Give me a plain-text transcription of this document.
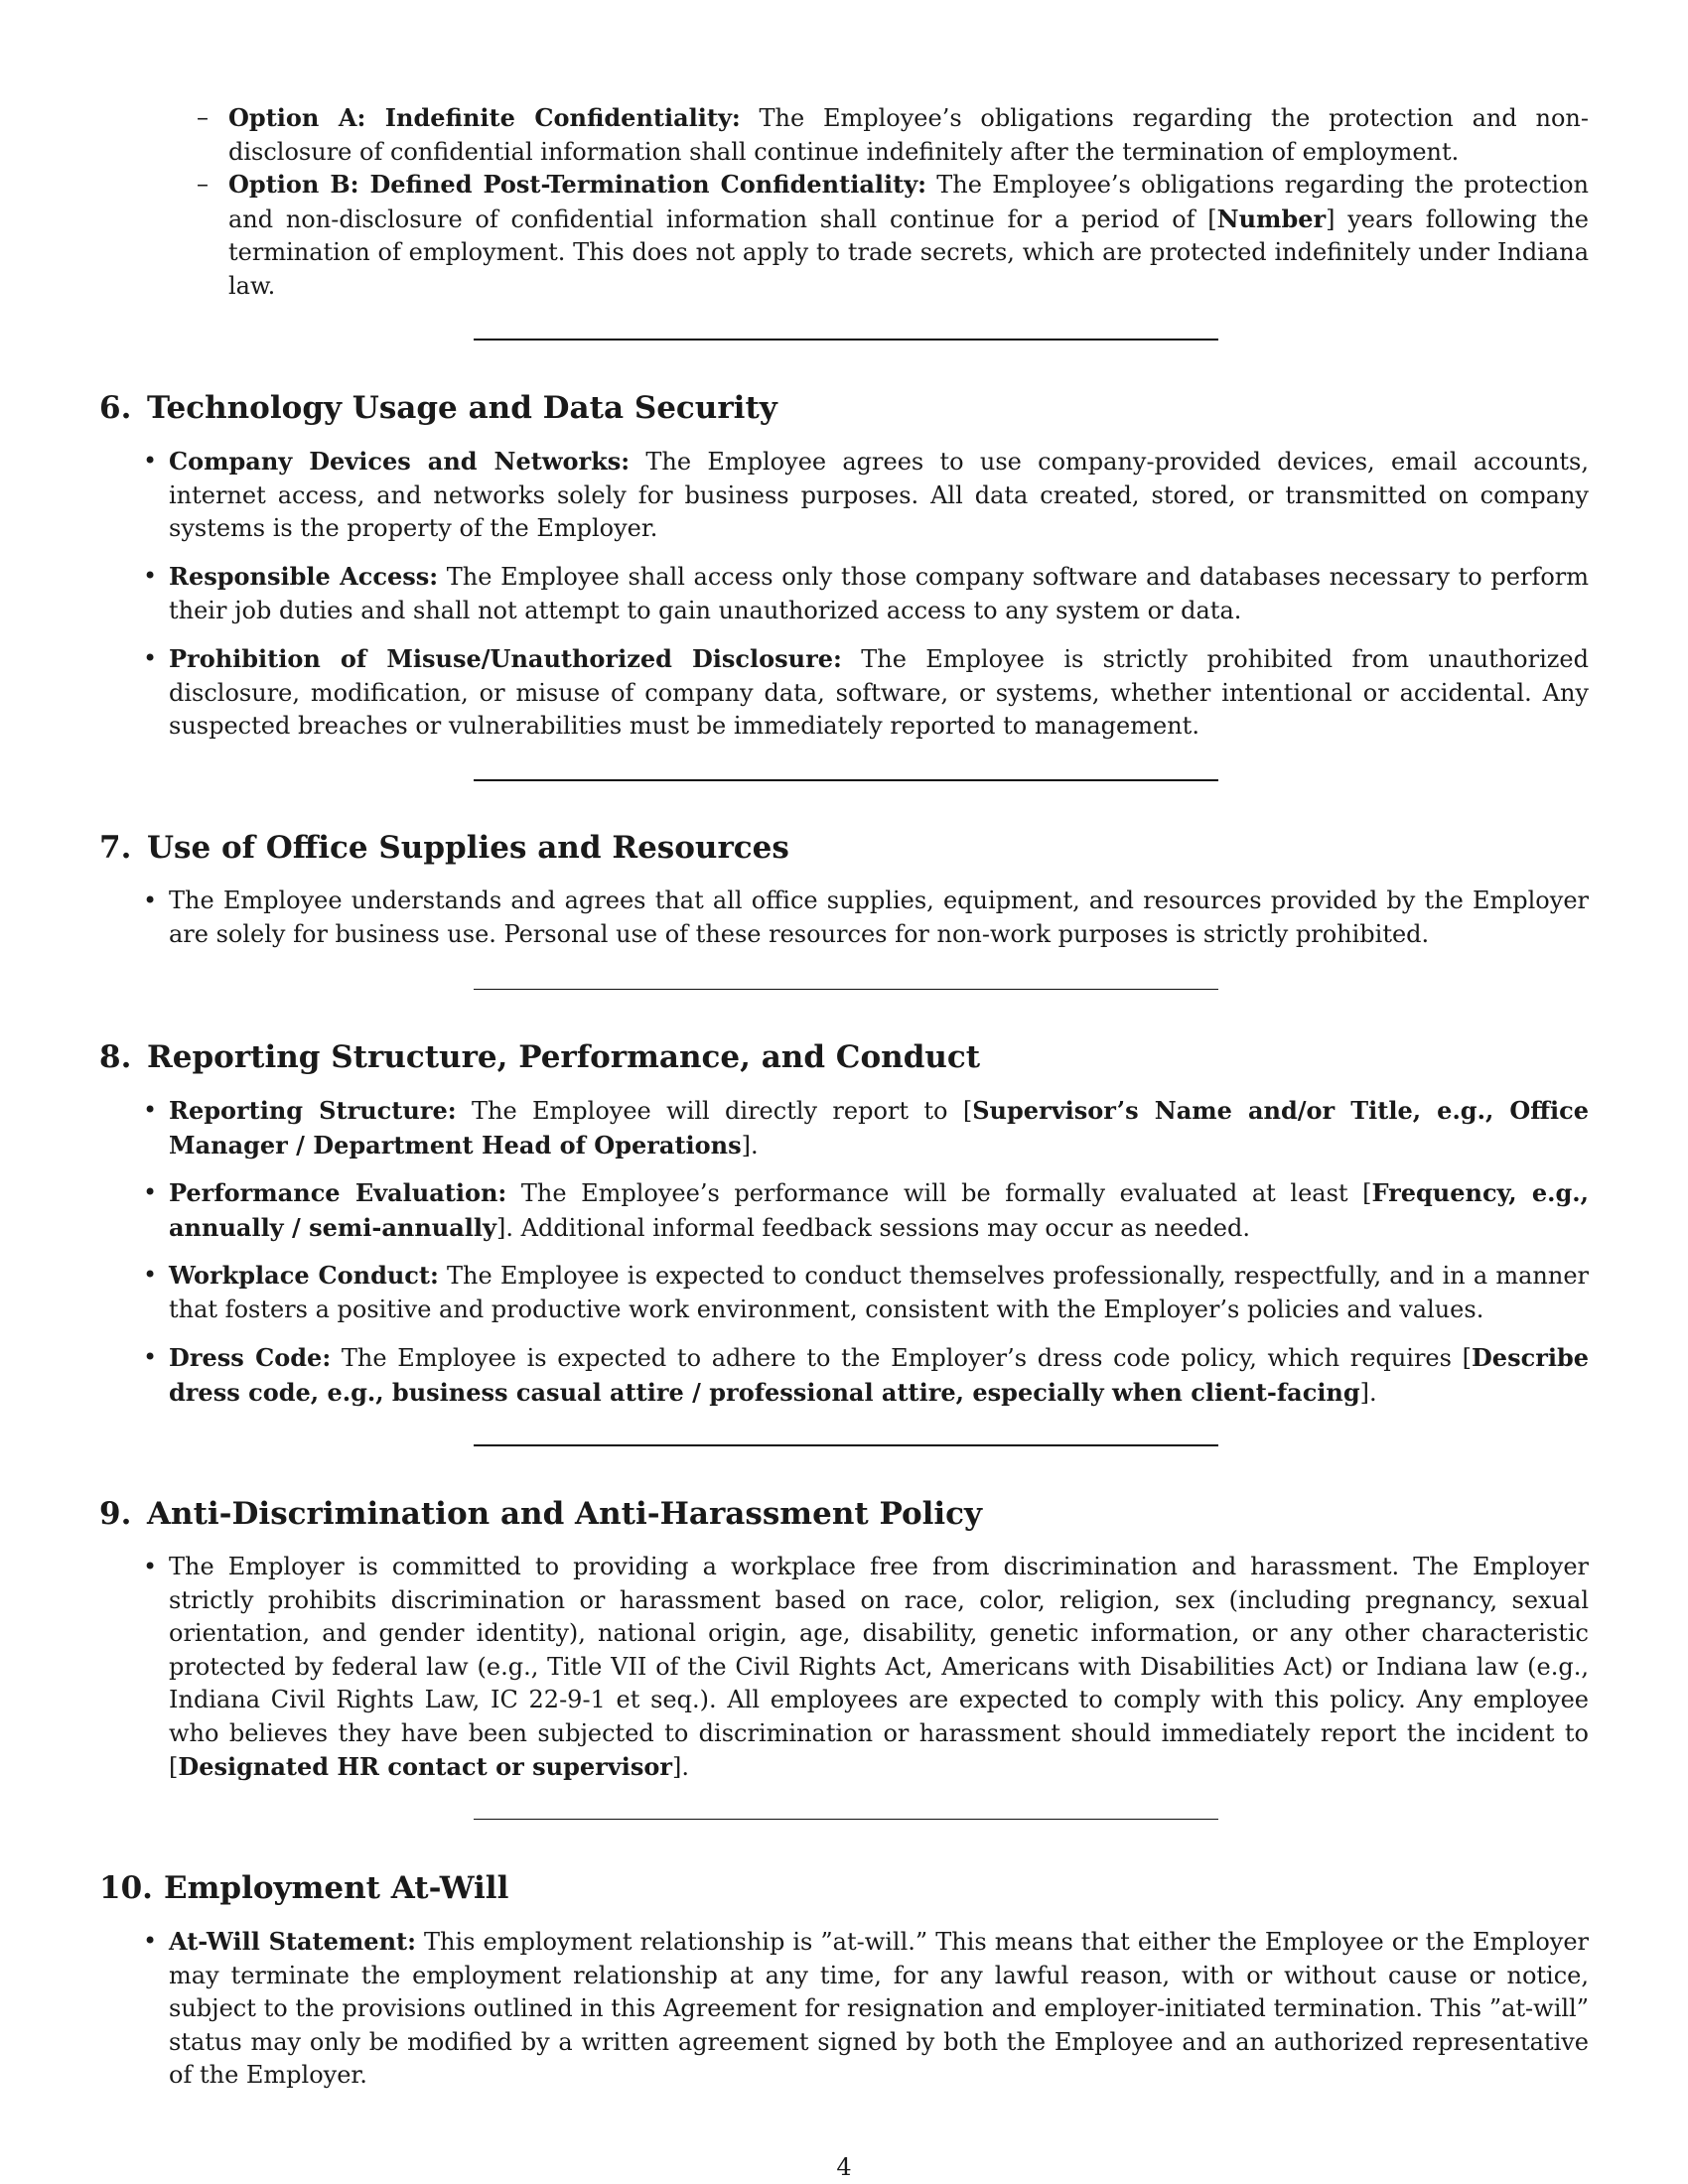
– Option A: Indefinite Confidentiality: The Employee’s obligations regarding the protection and non-disclosure of confidential information shall continue indefinitely after the termination of employment.
– Option B: Defined Post-Termination Confidentiality: The Employee’s obligations regarding the protection and non-disclosure of confidential information shall continue for a period of [Number] years following the termination of employment. This does not apply to trade secrets, which are protected indefinitely under Indiana law.
6. Technology Usage and Data Security
• Company Devices and Networks: The Employee agrees to use company-provided devices, email accounts, internet access, and networks solely for business purposes. All data created, stored, or transmitted on company systems is the property of the Employer.
• Responsible Access: The Employee shall access only those company software and databases necessary to perform their job duties and shall not attempt to gain unauthorized access to any system or data.
• Prohibition of Misuse/Unauthorized Disclosure: The Employee is strictly prohibited from unauthorized disclosure, modification, or misuse of company data, software, or systems, whether intentional or accidental. Any suspected breaches or vulnerabilities must be immediately reported to management.
7. Use of Office Supplies and Resources
• The Employee understands and agrees that all office supplies, equipment, and resources provided by the Employer are solely for business use. Personal use of these resources for non-work purposes is strictly prohibited.
8. Reporting Structure, Performance, and Conduct
• Reporting Structure: The Employee will directly report to [Supervisor’s Name and/or Title, e.g., Office Manager / Department Head of Operations].
• Performance Evaluation: The Employee’s performance will be formally evaluated at least [Frequency, e.g., annually / semi-annually]. Additional informal feedback sessions may occur as needed.
• Workplace Conduct: The Employee is expected to conduct themselves professionally, respectfully, and in a manner that fosters a positive and productive work environment, consistent with the Employer’s policies and values.
• Dress Code: The Employee is expected to adhere to the Employer’s dress code policy, which requires [Describe dress code, e.g., business casual attire / professional attire, especially when client-facing].
9. Anti-Discrimination and Anti-Harassment Policy
• The Employer is committed to providing a workplace free from discrimination and harassment. The Employer strictly prohibits discrimination or harassment based on race, color, religion, sex (including pregnancy, sexual orientation, and gender identity), national origin, age, disability, genetic information, or any other characteristic protected by federal law (e.g., Title VII of the Civil Rights Act, Americans with Disabilities Act) or Indiana law (e.g., Indiana Civil Rights Law, IC 22-9-1 et seq.). All employees are expected to comply with this policy. Any employee who believes they have been subjected to discrimination or harassment should immediately report the incident to [Designated HR contact or supervisor].
10. Employment At-Will
• At-Will Statement: This employment relationship is ”at-will.” This means that either the Employee or the Employer may terminate the employment relationship at any time, for any lawful reason, with or without cause or notice, subject to the provisions outlined in this Agreement for resignation and employer-initiated termination. This ”at-will” status may only be modified by a written agreement signed by both the Employee and an authorized representative of the Employer.
4
